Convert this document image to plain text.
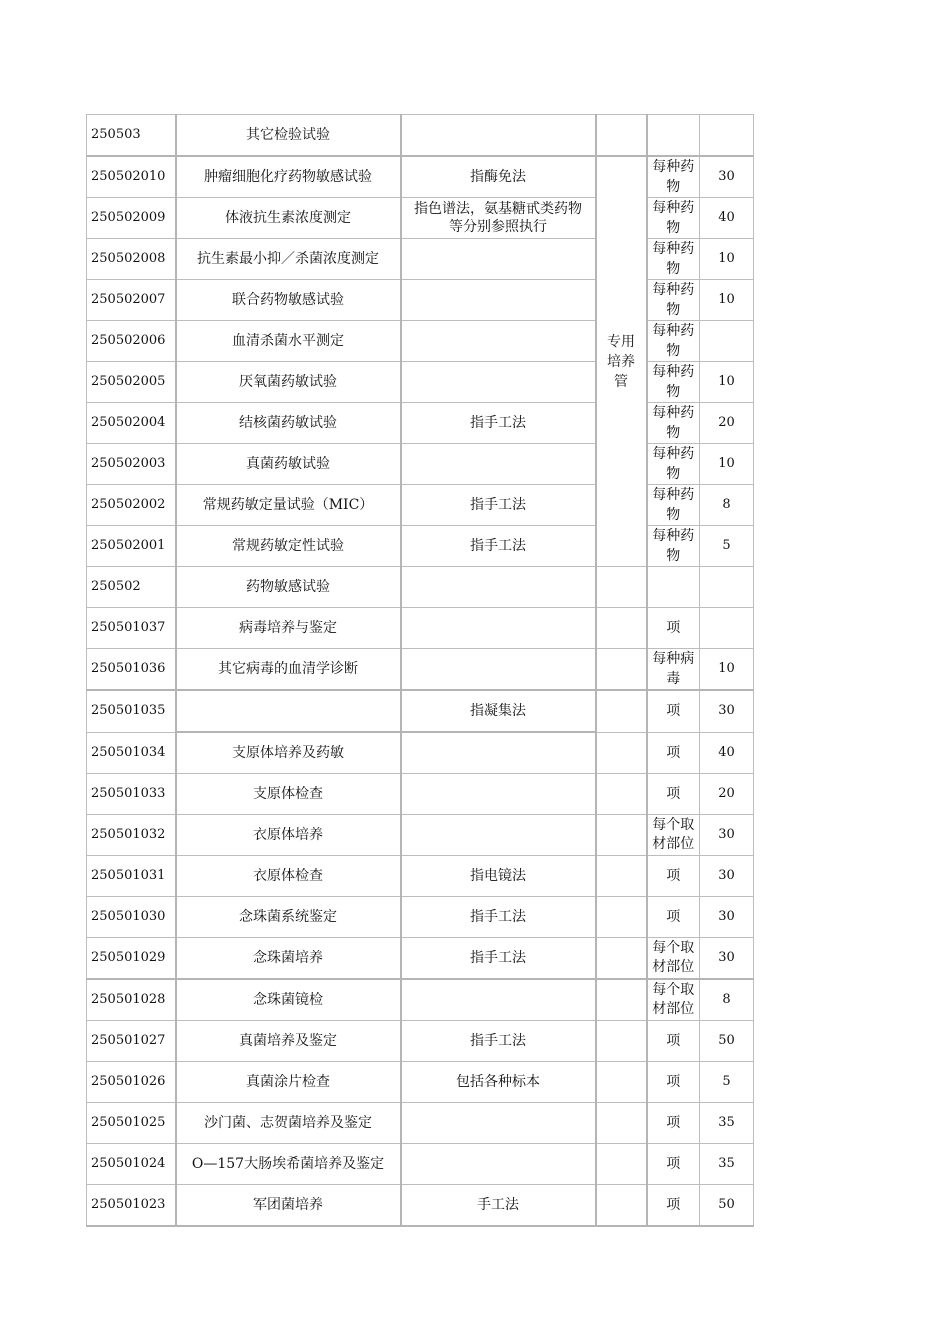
250503	其它检验试验	

250502010	肿瘤细胞化疗药物敏感试验	指酶免法	专用培养管	每种药物	30
250502009	体液抗生素浓度测定	指色谱法，氨基糖甙类药物等分别参照执行		每种药物	40
250502008	抗生素最小抑／杀菌浓度测定			每种药物	10
250502007	联合药物敏感试验			每种药物	10
250502006	血清杀菌水平测定			每种药物	
250502005	厌氧菌药敏试验			每种药物	10
250502004	结核菌药敏试验	指手工法		每种药物	20
250502003	真菌药敏试验			每种药物	10
250502002	常规药敏定量试验（MIC）	指手工法		每种药物	8
250502001	常规药敏定性试验	指手工法		每种药物	5
250502	药物敏感试验	

250501037	病毒培养与鉴定			项	
250501036	其它病毒的血清学诊断			每种病毒	10
250501035		指凝集法		项	30
250501034	支原体培养及药敏			项	40
250501033	支原体检查			项	20
250501032	衣原体培养			每个取材部位	30
250501031	衣原体检查	指电镜法		项	30
250501030	念珠菌系统鉴定	指手工法		项	30
250501029	念珠菌培养	指手工法		每个取材部位	30
250501028	念珠菌镜检			每个取材部位	8
250501027	真菌培养及鉴定	指手工法		项	50
250501026	真菌涂片检查	包括各种标本		项	5
250501025	沙门菌、志贺菌培养及鉴定			项	35
250501024	O—157大肠埃希菌培养及鉴定			项	35
250501023	军团菌培养	手工法		项	50
